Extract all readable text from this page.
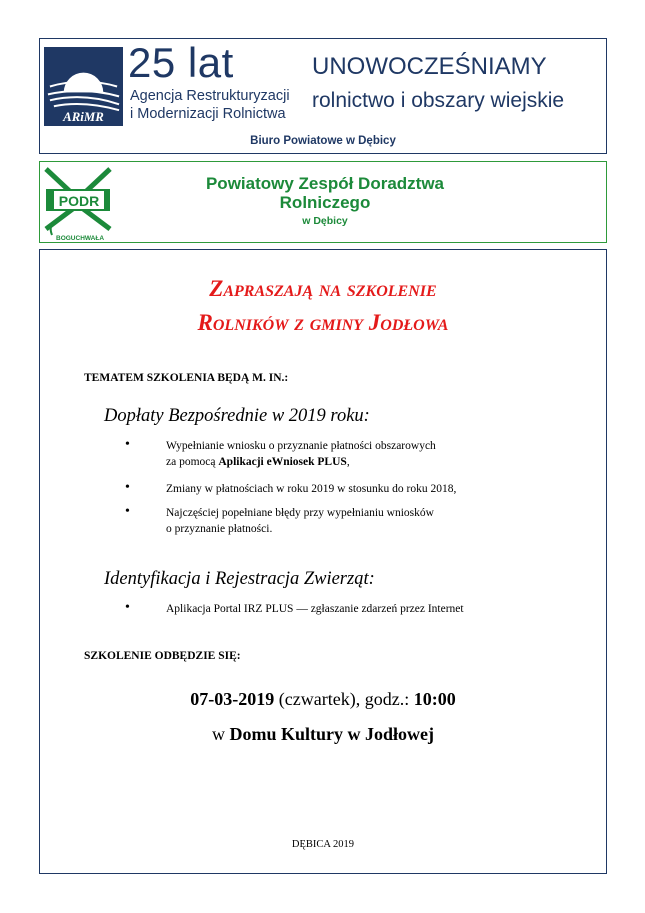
ARiMR
25 lat
Agencja Restrukturyzacji
i Modernizacji Rolnictwa
UNOWOCZEŚNIAMY
rolnictwo i obszary wiejskie
Biuro Powiatowe w Dębicy
PODR
BOGUCHWAŁA
Powiatowy Zespół Doradztwa
Rolniczego
w Dębicy
Zapraszają na szkolenie
Rolników z gminy Jodłowa
TEMATEM SZKOLENIA BĘDĄ M. IN.:
Dopłaty Bezpośrednie w 2019 roku:
•	Wypełnianie wniosku o przyznanie płatności obszarowych
za pomocą Aplikacji eWniosek PLUS,
•	Zmiany w płatnościach w roku 2019 w stosunku do roku 2018,
•	Najczęściej popełniane błędy przy wypełnianiu wniosków
o przyznanie płatności.
Identyfikacja i Rejestracja Zwierząt:
•	Aplikacja Portal IRZ PLUS — zgłaszanie zdarzeń przez Internet
SZKOLENIE ODBĘDZIE SIĘ:
07-03-2019 (czwartek), godz.: 10:00
w Domu Kultury w Jodłowej
DĘBICA 2019
